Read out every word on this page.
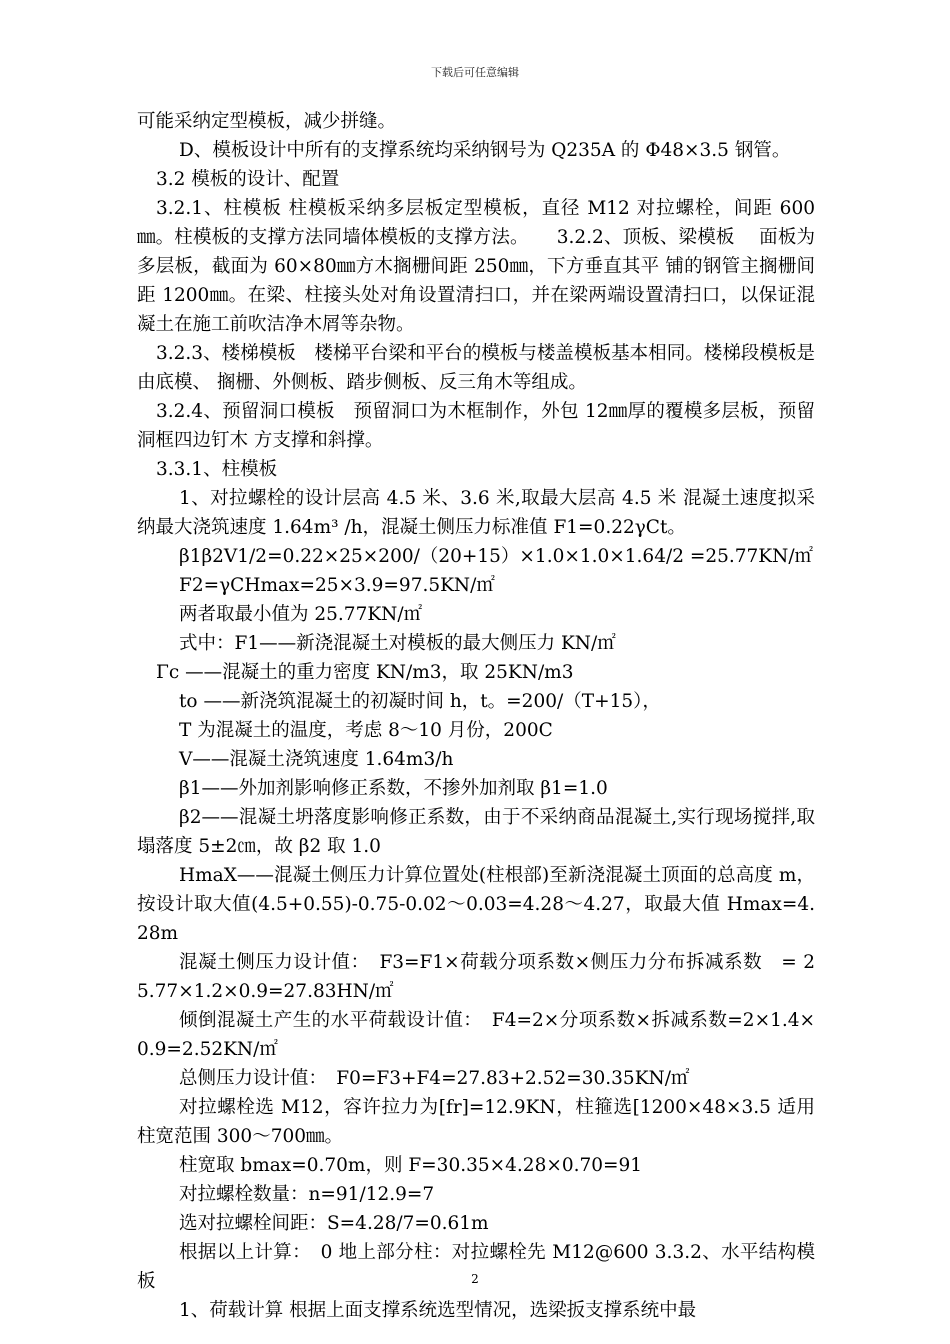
下载后可任意编辑

可能采纳定型模板，减少拼缝。

D、模板设计中所有的支撑系统均采纳钢号为 Q235A 的 Φ48×3.5 钢管。

3.2 模板的设计、配置

3.2.1、柱模板 柱模板采纳多层板定型模板，直径 M12 对拉螺栓，间距 600㎜。柱模板的支撑方法同墙体模板的支撑方法。　　3.2.2、顶板、梁模板　 面板为多层板，截面为 60×80㎜方木搁栅间距 250㎜，下方垂直其平 铺的钢管主搁栅间距 1200㎜。在梁、柱接头处对角设置清扫口，并在梁两端设置清扫口，以保证混凝土在施工前吹洁净木屑等杂物。

3.2.3、楼梯模板　楼梯平台梁和平台的模板与楼盖模板基本相同。楼梯段模板是由底模、 搁栅、外侧板、踏步侧板、反三角木等组成。

3.2.4、预留洞口模板　预留洞口为木框制作，外包 12㎜厚的覆模多层板，预留洞框四边钉木 方支撑和斜撑。

3.3.1、柱模板

1、对拉螺栓的设计层高 4.5 米、3.6 米,取最大层高 4.5 米 混凝土速度拟采纳最大浇筑速度 1.64m³ /h，混凝土侧压力标准值 F1=0.22γCt。

β1β2V1/2=0.22×25×200/（20+15）×1.0×1.0×1.64/2 =25.77KN/㎡

F2=γCHmax=25×3.9=97.5KN/㎡

两者取最小值为 25.77KN/㎡

式中：F1——新浇混凝土对模板的最大侧压力 KN/㎡

Γc ——混凝土的重力密度 KN/m3，取 25KN/m3

to ——新浇筑混凝土的初凝时间 h，t。=200/（T+15），

T 为混凝土的温度，考虑 8～10 月份，200C

V——混凝土浇筑速度 1.64m3/h

β1——外加剂影响修正系数，不掺外加剂取 β1=1.0

β2——混凝土坍落度影响修正系数，由于不采纳商品混凝土,实行现场搅拌,取塌落度 5±2㎝，故 β2 取 1.0

HmaX——混凝土侧压力计算位置处(柱根部)至新浇混凝土顶面的总高度 m，按设计取大值(4.5+0.55)-0.75-0.02～0.03=4.28～4.27，取最大值 Hmax=4.28m

混凝土侧压力设计值：　F3=F1×荷载分项系数×侧压力分布拆减系数　= 25.77×1.2×0.9=27.83HN/㎡

倾倒混凝土产生的水平荷载设计值：　F4=2×分项系数×拆减系数=2×1.4×0.9=2.52KN/㎡

总侧压力设计值：　F0=F3+F4=27.83+2.52=30.35KN/㎡

对拉螺栓选 M12，容许拉力为[fr]=12.9KN，柱箍选[1200×48×3.5 适用柱宽范围 300～700㎜。

柱宽取 bmax=0.70m，则 F=30.35×4.28×0.70=91

对拉螺栓数量：n=91/12.9=7

选对拉螺栓间距：S=4.28/7=0.61m

根据以上计算：　0 地上部分柱：对拉螺栓先 M12@600 3.3.2、水平结构模板

1、荷载计算 根据上面支撑系统选型情况，选梁扳支撑系统中最

2
